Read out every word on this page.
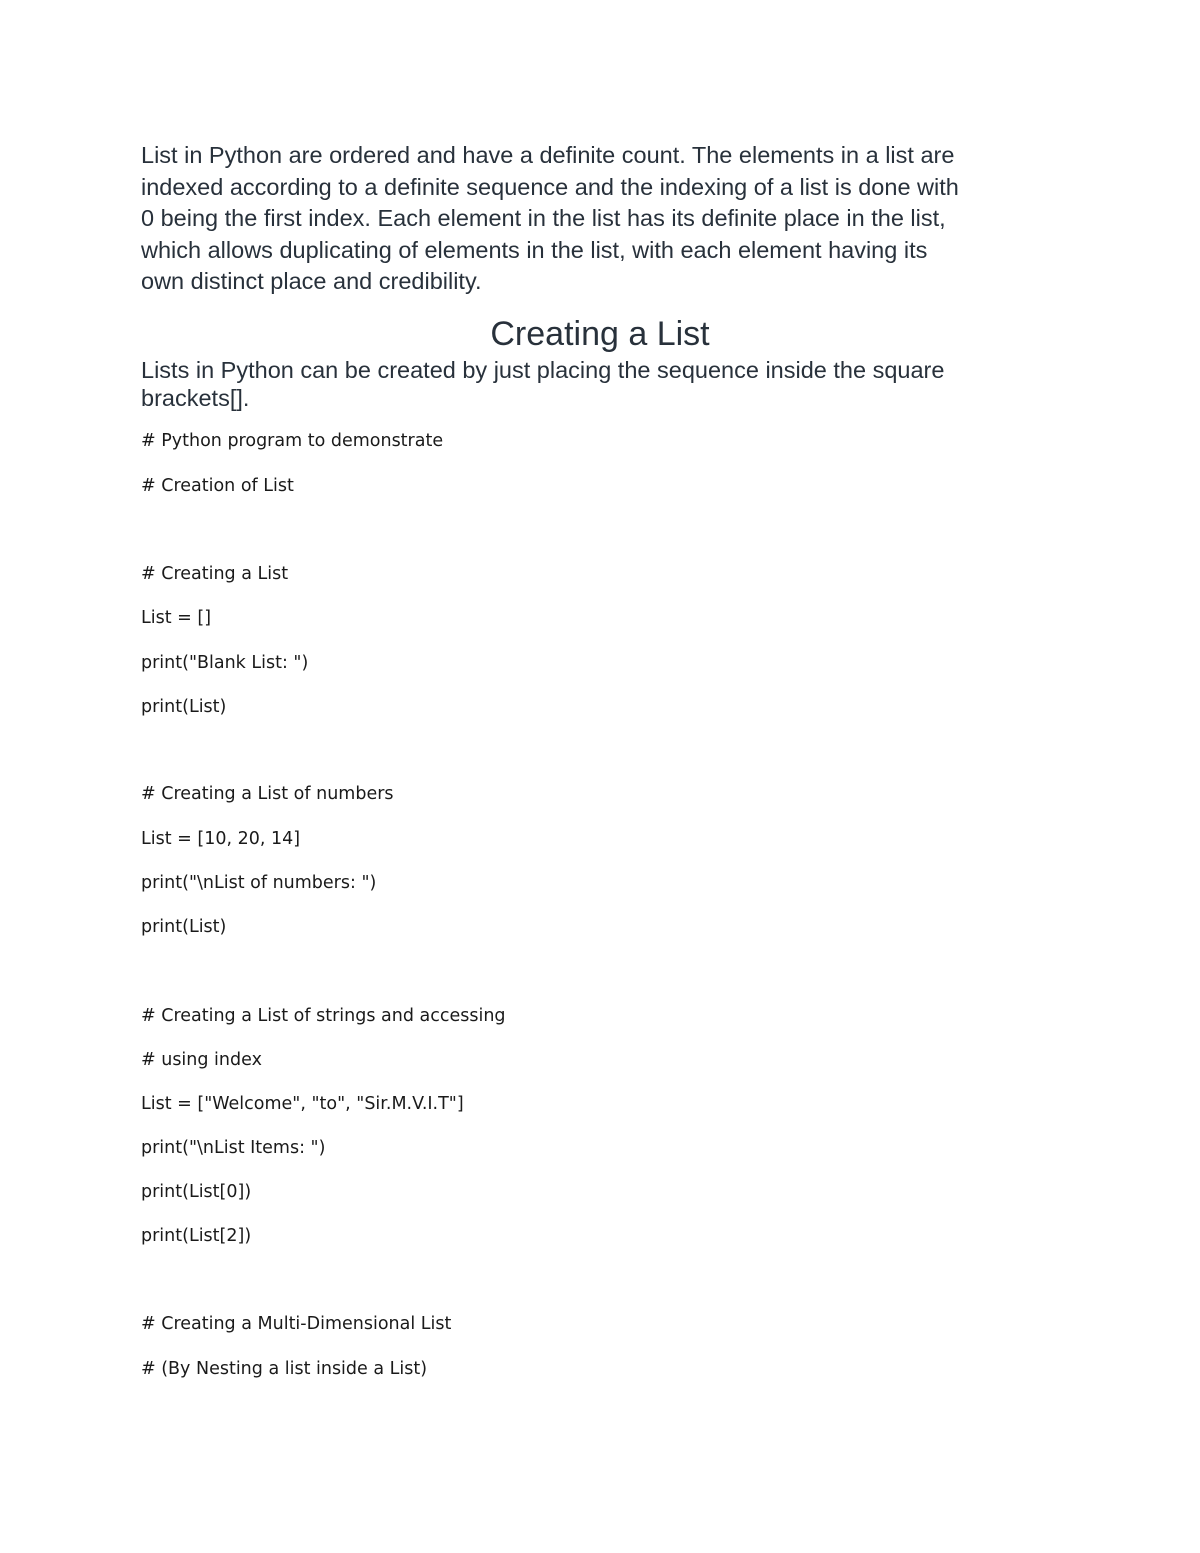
List in Python are ordered and have a definite count. The elements in a list are
indexed according to a definite sequence and the indexing of a list is done with
0 being the first index. Each element in the list has its definite place in the list,
which allows duplicating of elements in the list, with each element having its
own distinct place and credibility.

Creating a List

Lists in Python can be created by just placing the sequence inside the square
brackets[].

# Python program to demonstrate
# Creation of List
# Creating a List
List = []
print("Blank List: ")
print(List)
# Creating a List of numbers
List = [10, 20, 14]
print("\nList of numbers: ")
print(List)
# Creating a List of strings and accessing
# using index
List = ["Welcome", "to", "Sir.M.V.I.T"]
print("\nList Items: ")
print(List[0])
print(List[2])
# Creating a Multi-Dimensional List
# (By Nesting a list inside a List)
